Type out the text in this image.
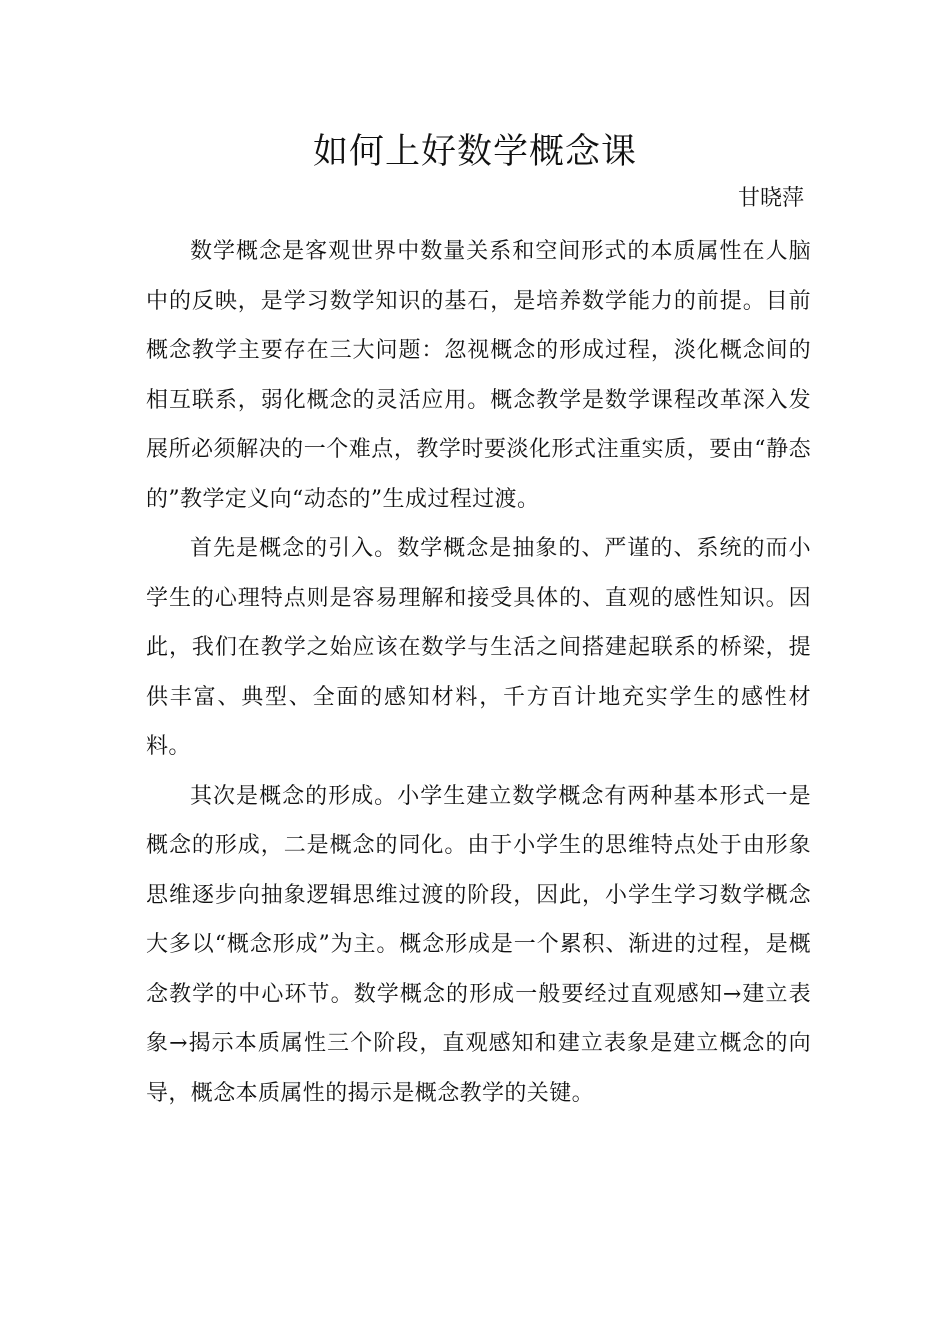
如何上好数学概念课
甘晓萍

数学概念是客观世界中数量关系和空间形式的本质属性在人脑中的反映，是学习数学知识的基石，是培养数学能力的前提。目前概念教学主要存在三大问题：忽视概念的形成过程，淡化概念间的相互联系，弱化概念的灵活应用。概念教学是数学课程改革深入发展所必须解决的一个难点，教学时要淡化形式注重实质，要由“静态的”教学定义向“动态的”生成过程过渡。

首先是概念的引入。数学概念是抽象的、严谨的、系统的而小学生的心理特点则是容易理解和接受具体的、直观的感性知识。因此，我们在教学之始应该在数学与生活之间搭建起联系的桥梁，提供丰富、典型、全面的感知材料，千方百计地充实学生的感性材料。

其次是概念的形成。小学生建立数学概念有两种基本形式一是概念的形成，二是概念的同化。由于小学生的思维特点处于由形象思维逐步向抽象逻辑思维过渡的阶段，因此，小学生学习数学概念大多以“概念形成”为主。概念形成是一个累积、渐进的过程，是概念教学的中心环节。数学概念的形成一般要经过直观感知→建立表象→揭示本质属性三个阶段，直观感知和建立表象是建立概念的向导，概念本质属性的揭示是概念教学的关键。
